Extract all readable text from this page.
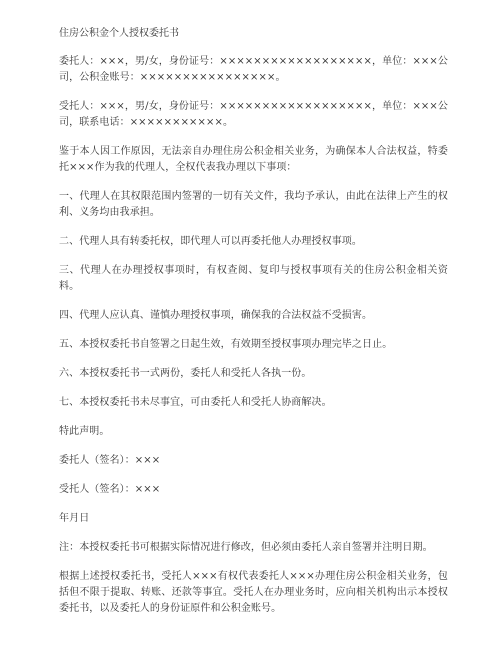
住房公积金个人授权委托书
委托人：×××，男/女，身份证号：××××××××××××××××××，单位：×××公司，公积金账号：××××××××××××××××。
受托人：×××，男/女，身份证号：××××××××××××××××××，单位：×××公司，联系电话：×××××××××××。
鉴于本人因工作原因，无法亲自办理住房公积金相关业务，为确保本人合法权益，特委托×××作为我的代理人，全权代表我办理以下事项：
一、代理人在其权限范围内签署的一切有关文件，我均予承认，由此在法律上产生的权利、义务均由我承担。
二、代理人具有转委托权，即代理人可以再委托他人办理授权事项。
三、代理人在办理授权事项时，有权查阅、复印与授权事项有关的住房公积金相关资料。
四、代理人应认真、谨慎办理授权事项，确保我的合法权益不受损害。
五、本授权委托书自签署之日起生效，有效期至授权事项办理完毕之日止。
六、本授权委托书一式两份，委托人和受托人各执一份。
七、本授权委托书未尽事宜，可由委托人和受托人协商解决。
特此声明。
委托人（签名）：×××
受托人（签名）：×××
年月日
注：本授权委托书可根据实际情况进行修改，但必须由委托人亲自签署并注明日期。
根据上述授权委托书，受托人×××有权代表委托人×××办理住房公积金相关业务，包括但不限于提取、转账、还款等事宜。受托人在办理业务时，应向相关机构出示本授权委托书，以及委托人的身份证原件和公积金账号。
